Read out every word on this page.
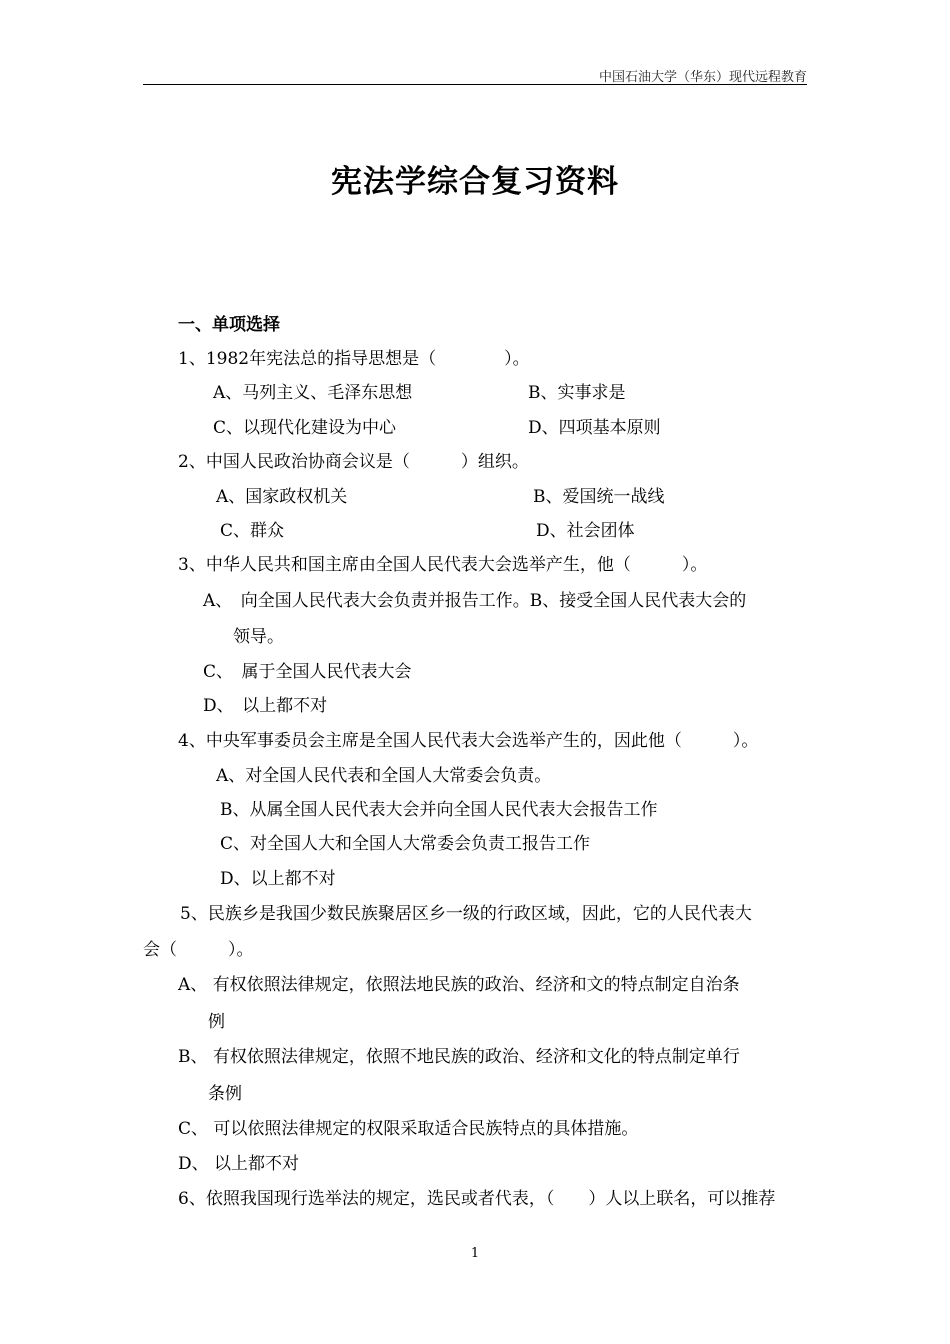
中国石油大学（华东）现代远程教育
宪法学综合复习资料
一、单项选择
1、1982年宪法总的指导思想是（　　　　）。
A、马列主义、毛泽东思想	B、实事求是
C、以现代化建设为中心	D、四项基本原则
2、中国人民政治协商会议是（　　　）组织。
A、国家政权机关	B、爱国统一战线
C、群众	D、社会团体
3、中华人民共和国主席由全国人民代表大会选举产生，他（　　　）。
A、　向全国人民代表大会负责并报告工作。B、接受全国人民代表大会的
领导。
C、　属于全国人民代表大会
D、　以上都不对
4、中央军事委员会主席是全国人民代表大会选举产生的，因此他（　　　）。
A、对全国人民代表和全国人大常委会负责。
B、从属全国人民代表大会并向全国人民代表大会报告工作
C、对全国人大和全国人大常委会负责工报告工作
D、以上都不对
5、民族乡是我国少数民族聚居区乡一级的行政区域，因此，它的人民代表大
会（　　　）。
A、 有权依照法律规定，依照法地民族的政治、经济和文的特点制定自治条
例
B、 有权依照法律规定，依照不地民族的政治、经济和文化的特点制定单行
条例
C、 可以依照法律规定的权限采取适合民族特点的具体措施。
D、 以上都不对
6、依照我国现行选举法的规定，选民或者代表，（　　）人以上联名，可以推荐
1
